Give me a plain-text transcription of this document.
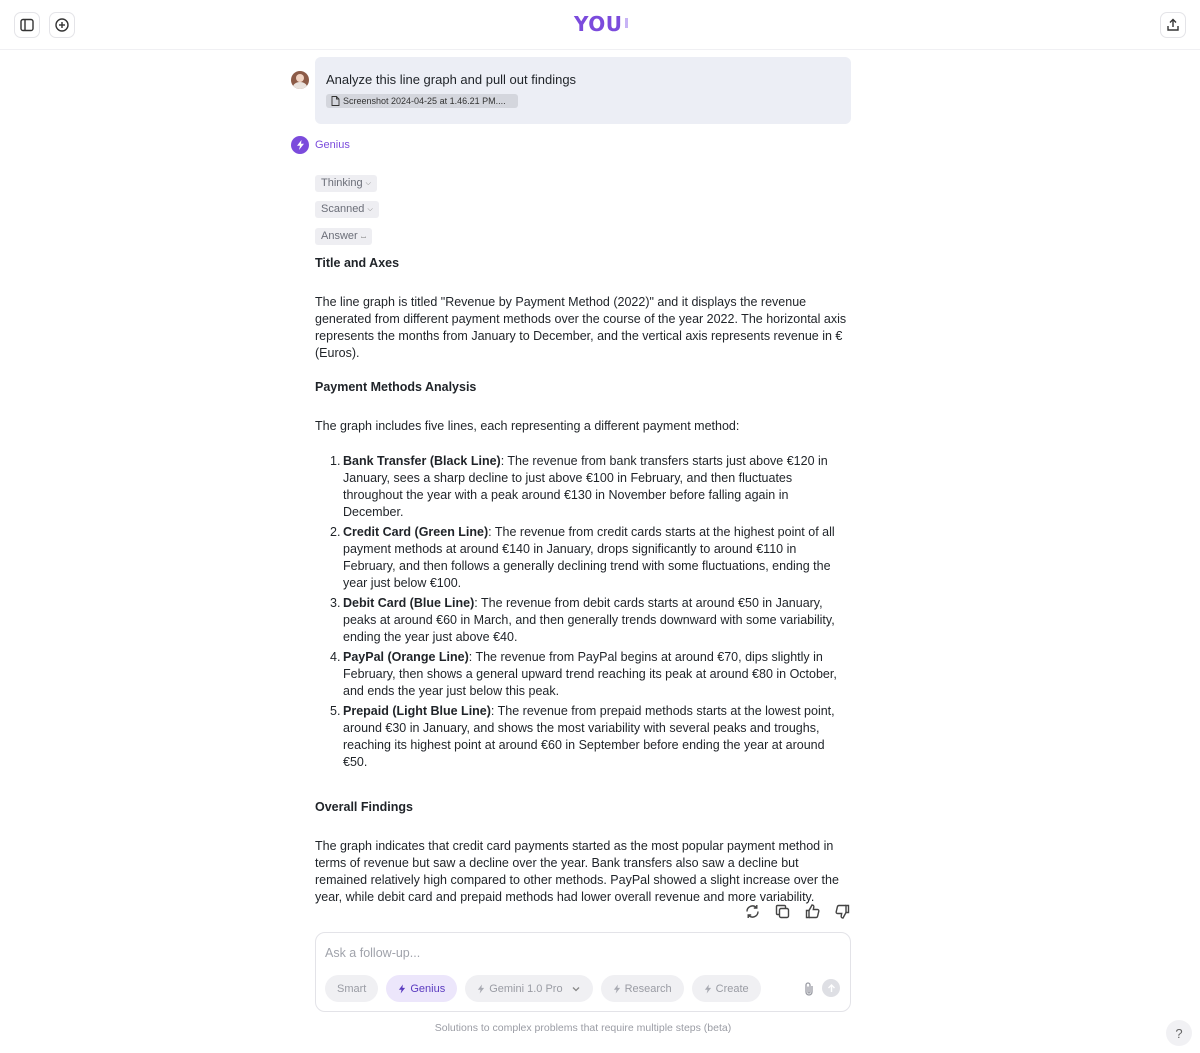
YOU
Analyze this line graph and pull out findings
Screenshot 2024-04-25 at 1.46.21 PM....
Genius
Thinking ⌵
Scanned ⌵
Answer ⌴
Title and Axes

The line graph is titled "Revenue by Payment Method (2022)" and it displays the revenue generated from different payment methods over the course of the year 2022. The horizontal axis represents the months from January to December, and the vertical axis represents revenue in € (Euros).

Payment Methods Analysis

The graph includes five lines, each representing a different payment method:

1. Bank Transfer (Black Line): The revenue from bank transfers starts just above €120 in January, sees a sharp decline to just above €100 in February, and then fluctuates throughout the year with a peak around €130 in November before falling again in December.
2. Credit Card (Green Line): The revenue from credit cards starts at the highest point of all payment methods at around €140 in January, drops significantly to around €110 in February, and then follows a generally declining trend with some fluctuations, ending the year just below €100.
3. Debit Card (Blue Line): The revenue from debit cards starts at around €50 in January, peaks at around €60 in March, and then generally trends downward with some variability, ending the year just above €40.
4. PayPal (Orange Line): The revenue from PayPal begins at around €70, dips slightly in February, then shows a general upward trend reaching its peak at around €80 in October, and ends the year just below this peak.
5. Prepaid (Light Blue Line): The revenue from prepaid methods starts at the lowest point, around €30 in January, and shows the most variability with several peaks and troughs, reaching its highest point at around €60 in September before ending the year at around €50.
Overall Findings

The graph indicates that credit card payments started as the most popular payment method in terms of revenue but saw a decline over the year. Bank transfers also saw a decline but remained relatively high compared to other methods. PayPal showed a slight increase over the year, while debit card and prepaid methods had lower overall revenue and more variability.

Ask a follow-up...
Smart	Genius	Gemini 1.0 Pro	Research	Create
Solutions to complex problems that require multiple steps (beta)	?
